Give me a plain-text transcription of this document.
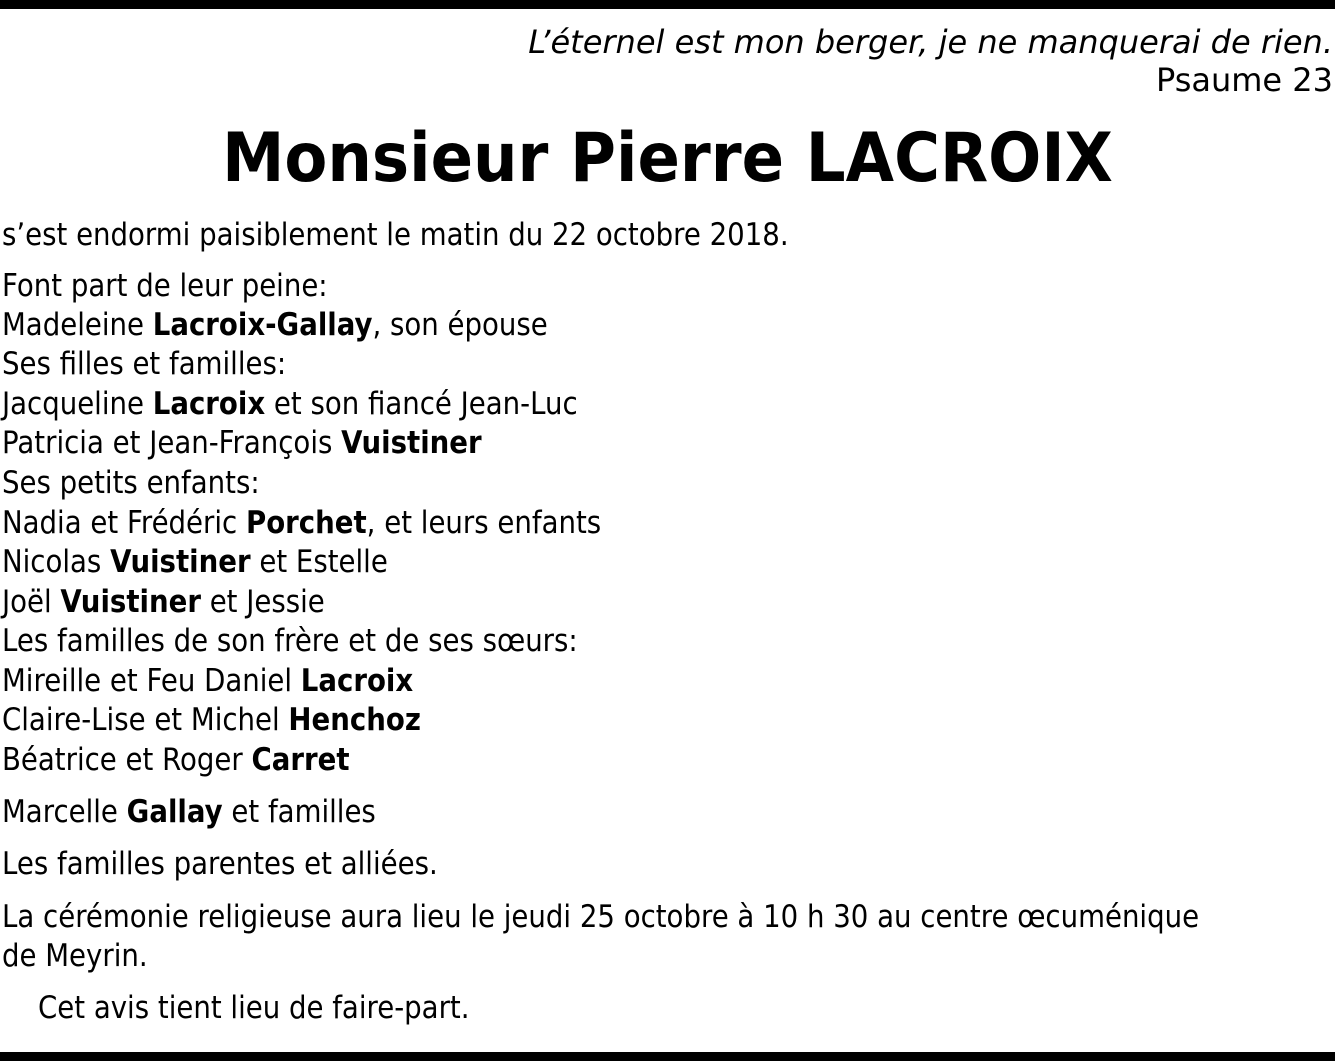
L’éternel est mon berger, je ne manquerai de rien.
Psaume 23
Monsieur Pierre LACROIX
s’est endormi paisiblement le matin du 22 octobre 2018.
Font part de leur peine:
Madeleine Lacroix-Gallay, son épouse
Ses filles et familles:
Jacqueline Lacroix et son fiancé Jean-Luc
Patricia et Jean-François Vuistiner
Ses petits enfants:
Nadia et Frédéric Porchet, et leurs enfants
Nicolas Vuistiner et Estelle
Joël Vuistiner et Jessie
Les familles de son frère et de ses sœurs:
Mireille et Feu Daniel Lacroix
Claire-Lise et Michel Henchoz
Béatrice et Roger Carret
Marcelle Gallay et familles
Les familles parentes et alliées.
La cérémonie religieuse aura lieu le jeudi 25 octobre à 10 h 30 au centre œcuménique
de Meyrin.
Cet avis tient lieu de faire-part.
